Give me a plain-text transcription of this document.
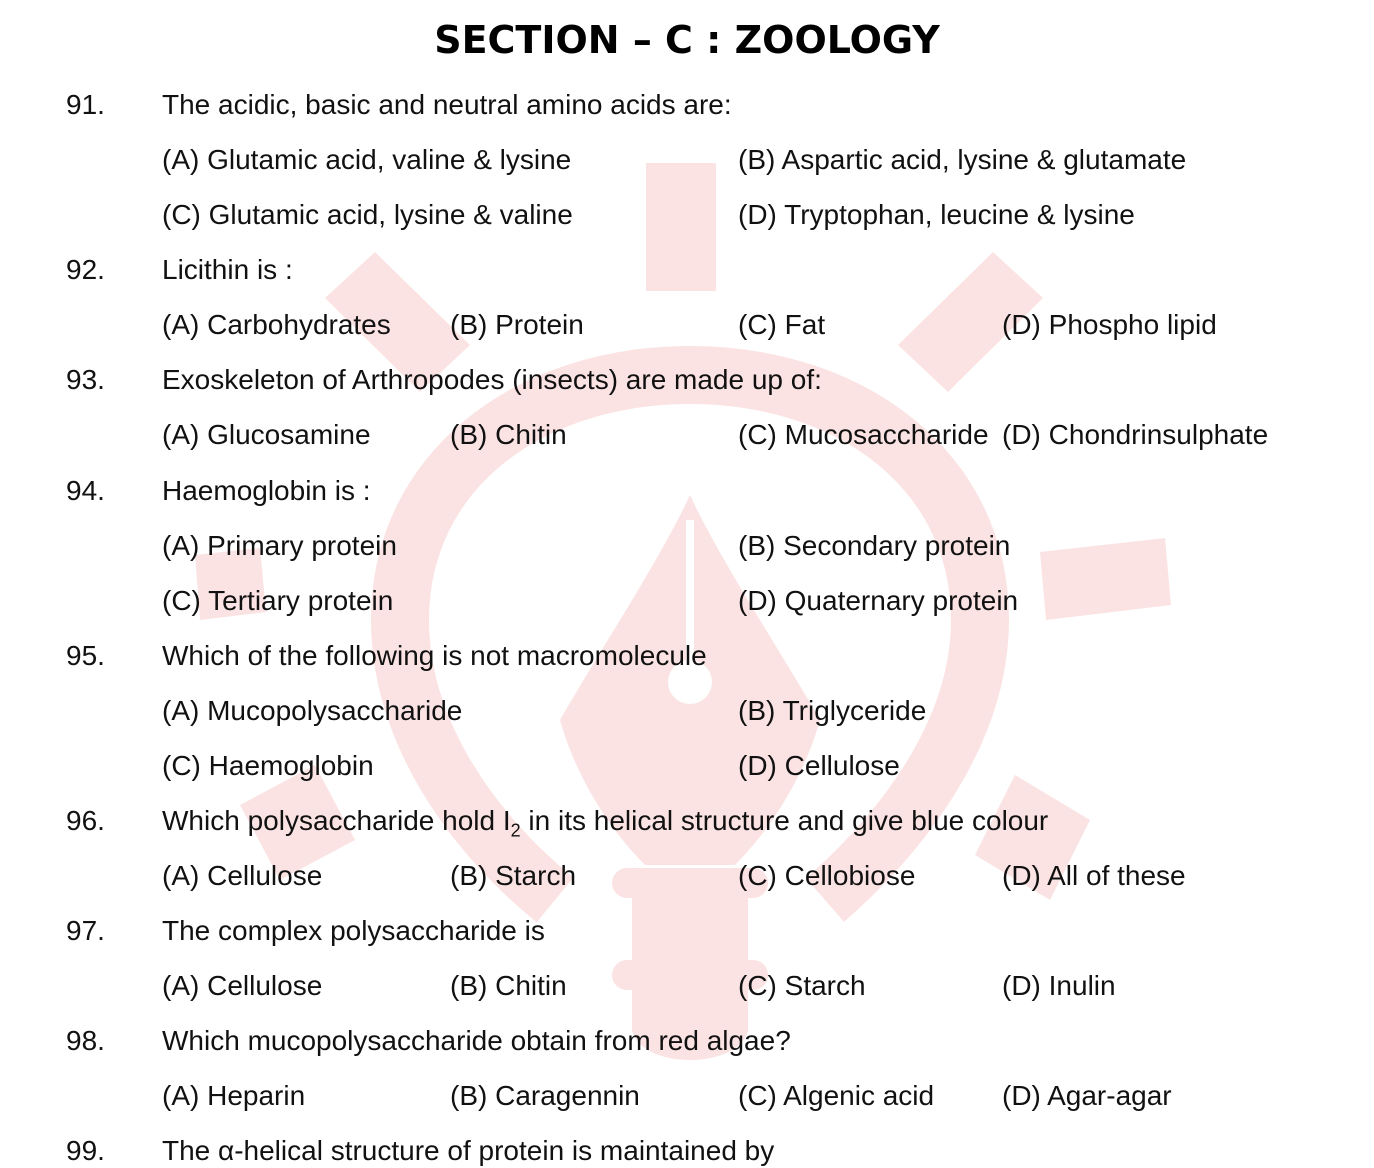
SECTION – C : ZOOLOGY
91. The acidic, basic and neutral amino acids are:
(A) Glutamic acid, valine & lysine	(B) Aspartic acid, lysine & glutamate
(C) Glutamic acid, lysine & valine	(D) Tryptophan, leucine & lysine
92. Licithin is :
(A) Carbohydrates (B) Protein	(C) Fat	(D) Phospho lipid
93. Exoskeleton of Arthropodes (insects) are made up of:
(A) Glucosamine	(B) Chitin	(C) Mucosaccharide (D) Chondrinsulphate
94. Haemoglobin is :
(A) Primary protein	(B) Secondary protein
(C) Tertiary protein	(D) Quaternary protein
95. Which of the following is not macromolecule
(A) Mucopolysaccharide	(B) Triglyceride
(C) Haemoglobin	(D) Cellulose
96. Which polysaccharide hold $I_2$ in its helical structure and give blue colour
(A) Cellulose	(B) Starch	(C) Cellobiose	(D) All of these
97. The complex polysaccharide is
(A) Cellulose	(B) Chitin	(C) Starch	(D) Inulin
98. Which mucopolysaccharide obtain from red algae?
(A) Heparin	(B) Caragennin	(C) Algenic acid (D) Agar-agar
99. The α-helical structure of protein is maintained by
